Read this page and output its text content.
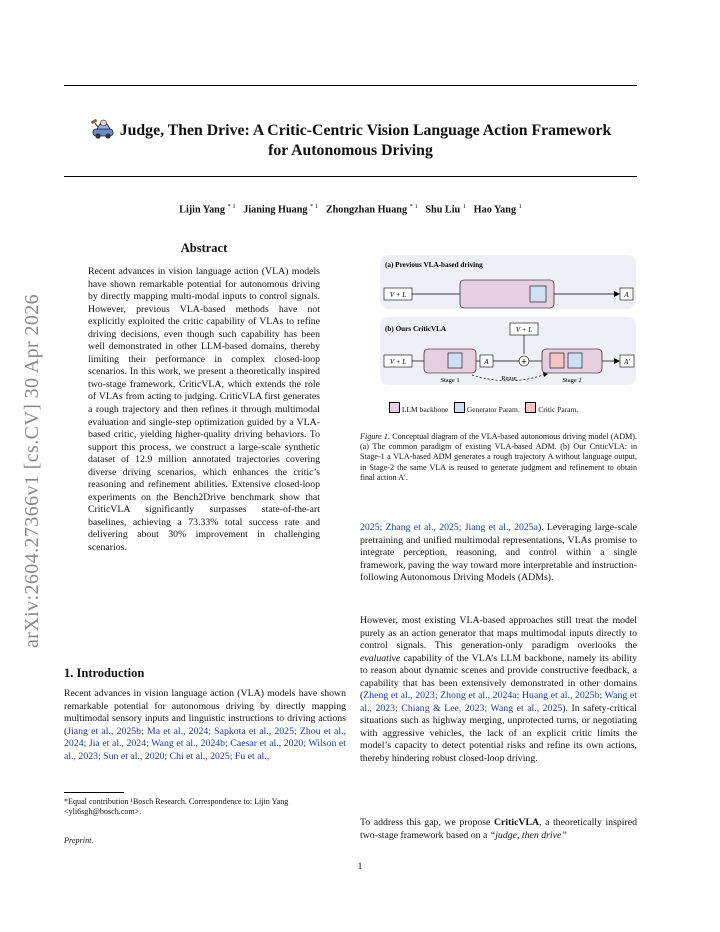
Judge, Then Drive: A Critic-Centric Vision Language Action Framework
for Autonomous Driving
Lijin Yang $^{* 1}$ Jianing Huang $^{* 1}$ Zhongzhan Huang $^{* 1}$ Shu Liu $^1$ Hao Yang $^1$
arXiv:2604.27366v1 [cs.CV] 30 Apr 2026
Abstract
Recent advances in vision language action (VLA) models have shown remarkable potential for autonomous driving by directly mapping multi-modal inputs to control signals. However, previous VLA-based methods have not explicitly exploited the critic capability of VLAs to refine driving decisions, even though such capability has been well demonstrated in other LLM-based domains, thereby limiting their performance in complex closed-loop scenarios. In this work, we present a theoretically inspired two-stage framework, CriticVLA, which extends the role of VLAs from acting to judging. CriticVLA first generates a rough trajectory and then refines it through multimodal evaluation and single-step optimization guided by a VLA-based critic, yielding higher-quality driving behaviors. To support this process, we construct a large-scale synthetic dataset of 12.9 million annotated trajectories covering diverse driving scenarios, which enhances the critic’s reasoning and refinement abilities. Extensive closed-loop experiments on the Bench2Drive benchmark show that CriticVLA significantly surpasses state-of-the-art baselines, achieving a 73.33% total success rate and delivering about 30% improvement in challenging scenarios.
1. Introduction
Recent advances in vision language action (VLA) models have shown remarkable potential for autonomous driving by directly mapping multimodal sensory inputs and linguistic instructions to driving actions (Jiang et al., 2025b; Ma et al., 2024; Sapkota et al., 2025; Zhou et al., 2024; Jia et al., 2024; Wang et al., 2024b; Caesar et al., 2020; Wilson et al., 2023; Sun et al., 2020; Chi et al., 2025; Fu et al.,
*Equal contribution ¹Bosch Research. Correspondence to: Lijin Yang <yli6sgh@bosch.com>.
Preprint.
(a) Previous VLA-based driving
V + L	A
(b) Ours CriticVLA	V + L
V + L	A	+	A′
Stage 1	Stage 2
Reuse
LLM backbone Generator Param. Critic Param.
Figure 1. Conceptual diagram of the VLA-based autonomous driving model (ADM). (a) The common paradigm of existing VLA-based ADM. (b) Our CriticVLA: in Stage-1 a VLA-based ADM generates a rough trajectory A without language output, in Stage-2 the same VLA is reused to generate judgment and refinement to obtain final action A′.
2025; Zhang et al., 2025; Jiang et al., 2025a). Leveraging large-scale pretraining and unified multimodal representations, VLAs promise to integrate perception, reasoning, and control within a single framework, paving the way toward more interpretable and instruction-following Autonomous Driving Models (ADMs).
However, most existing VLA-based approaches still treat the model purely as an action generator that maps multimodal inputs directly to control signals. This generation-only paradigm overlooks the evaluative capability of the VLA’s LLM backbone, namely its ability to reason about dynamic scenes and provide constructive feedback, a capability that has been extensively demonstrated in other domains (Zheng et al., 2023; Zhong et al., 2024a; Huang et al., 2025b; Wang et al., 2023; Chiang & Lee, 2023; Wang et al., 2025). In safety-critical situations such as highway merging, unprotected turns, or negotiating with aggressive vehicles, the lack of an explicit critic limits the model’s capacity to detect potential risks and refine its own actions, thereby hindering robust closed-loop driving.
To address this gap, we propose CriticVLA, a theoretically inspired two-stage framework based on a “judge, then drive”
1
